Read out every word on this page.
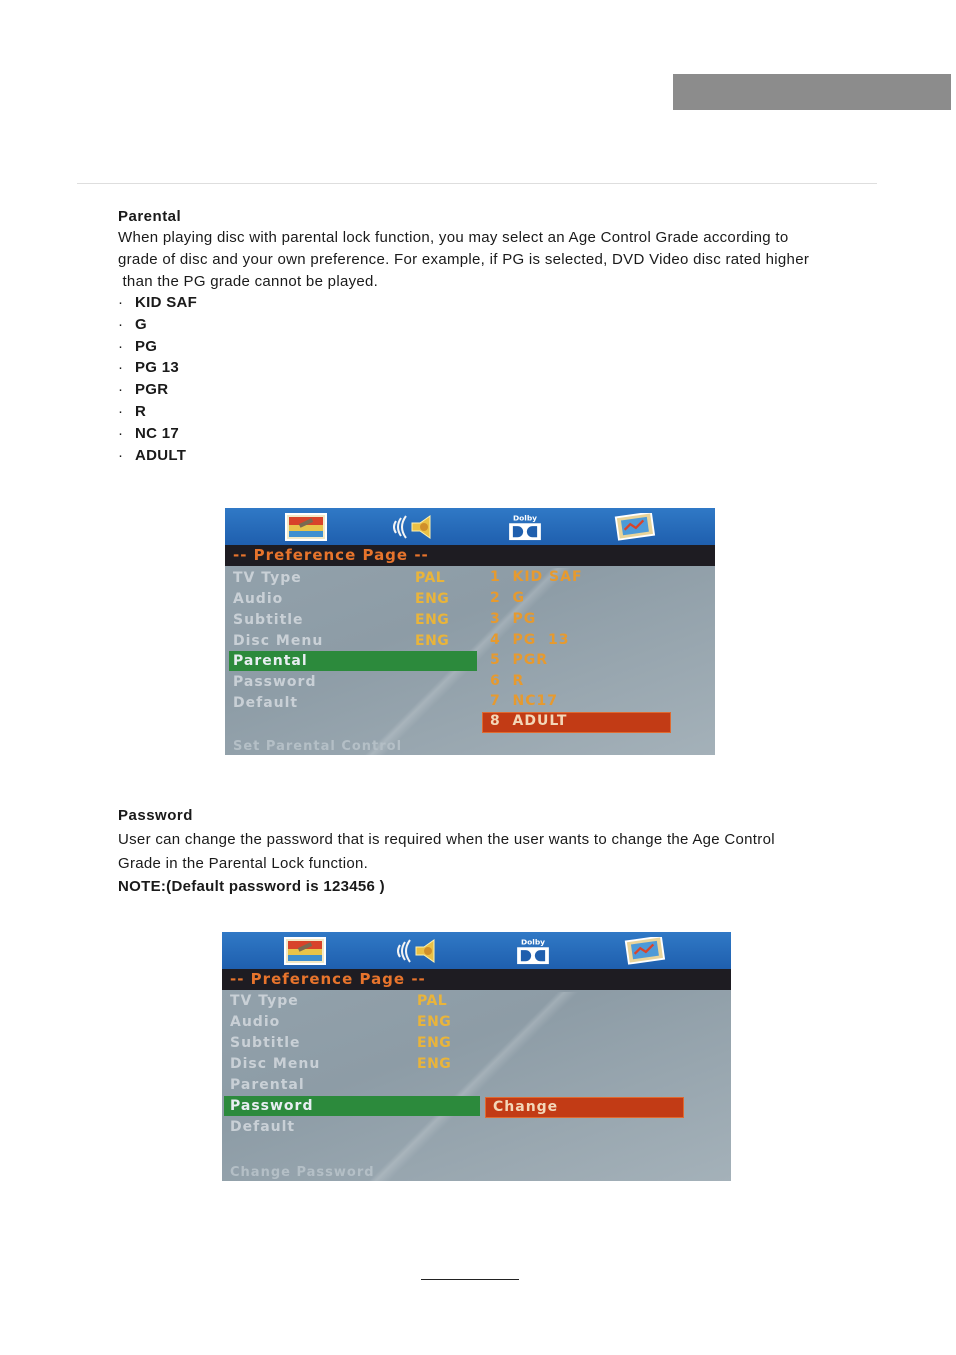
Parental
When playing disc with parental lock function, you may select an Age Control Grade according to
grade of disc and your own preference. For example, if PG is selected, DVD Video disc rated higher
than the PG grade cannot be played.
· KID SAF
· G
· PG
· PG 13
· PGR
· R
· NC 17
· ADULT
Dolby
-- Preference Page --
TV Type
Audio
Subtitle
Disc Menu
Parental
Password
Default
PAL
ENG
ENG
ENG
1  KID SAF
2  G
3  PG
4  PG  13
5  PGR
6  R
7  NC17
8  ADULT
Set Parental Control
Password
User can change the password that is required when the user wants to change the Age Control
Grade in the Parental Lock function.
NOTE:(Default password is 123456 )
Dolby
-- Preference Page --
TV Type
Audio
Subtitle
Disc Menu
Parental
Password
Default
PAL
ENG
ENG
ENG
Change
Change Password
